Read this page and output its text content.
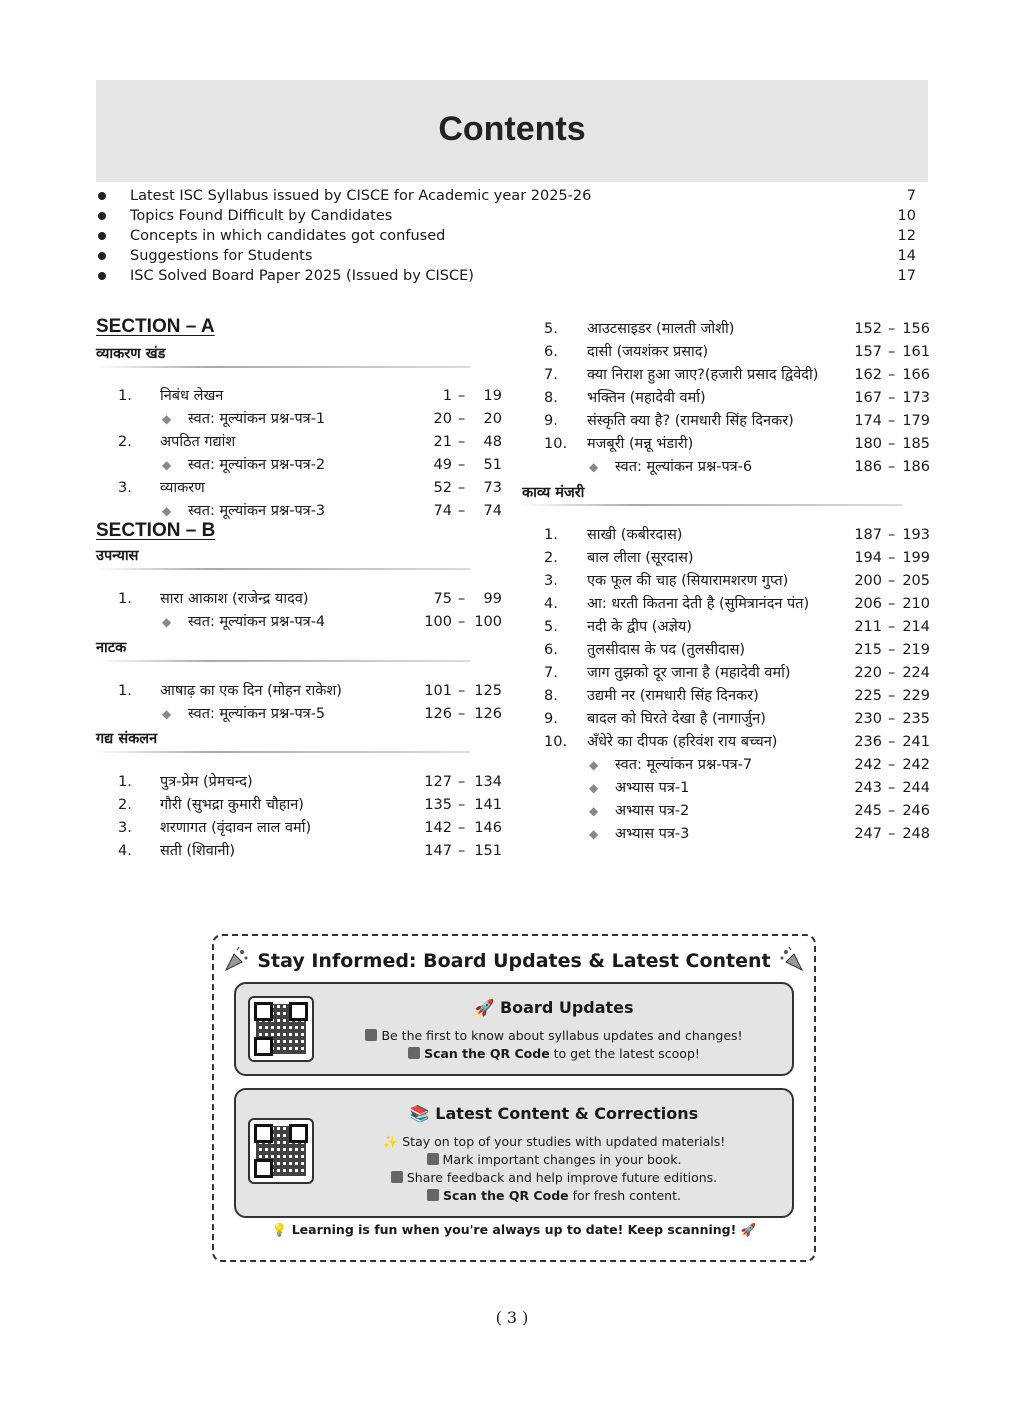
Contents
Latest ISC Syllabus issued by CISCE for Academic year 2025-26	7
Topics Found Difficult by Candidates	10
Concepts in which candidates got confused	12
Suggestions for Students	14
ISC Solved Board Paper 2025 (Issued by CISCE)	17
SECTION – A
व्याकरण खंड
1. निबंध लेखन	1 –	19
◆ स्वत: मूल्यांकन प्रश्न-पत्र-1	20 –	20
2. अपठित गद्यांश	21 –	48
◆ स्वत: मूल्यांकन प्रश्न-पत्र-2	49 –	51
3. व्याकरण	52 –	73
◆ स्वत: मूल्यांकन प्रश्न-पत्र-3	74 –	74
SECTION – B
उपन्यास
1. सारा आकाश (राजेन्द्र यादव)	75 –	99
◆ स्वत: मूल्यांकन प्रश्न-पत्र-4	100 – 100
नाटक
1. आषाढ़ का एक दिन (मोहन राकेश)	101 – 125
◆ स्वत: मूल्यांकन प्रश्न-पत्र-5	126 – 126
गद्य संकलन
1. पुत्र-प्रेम (प्रेमचन्द)	127 – 134
2. गौरी (सुभद्रा कुमारी चौहान)	135 – 141
3. शरणागत (वृंदावन लाल वर्मा)	142 – 146
4. सती (शिवानी)	147 – 151
5. आउटसाइडर (मालती जोशी)	152 – 156
6. दासी (जयशंकर प्रसाद)	157 – 161
7. क्या निराश हुआ जाए?(हजारी प्रसाद द्विवेदी)	162 – 166
8. भक्तिन (महादेवी वर्मा)	167 – 173
9. संस्कृति क्या है? (रामधारी सिंह दिनकर)	174 – 179
10. मजबूरी (मन्नू भंडारी)	180 – 185
◆ स्वत: मूल्यांकन प्रश्न-पत्र-6	186 – 186
काव्य मंजरी
1. साखी (कबीरदास)	187 – 193
2. बाल लीला (सूरदास)	194 – 199
3. एक फूल की चाह (सियारामशरण गुप्त)	200 – 205
4. आ: धरती कितना देती है (सुमित्रानंदन पंत)	206 – 210
5. नदी के द्वीप (अज्ञेय)	211 – 214
6. तुलसीदास के पद (तुलसीदास)	215 – 219
7. जाग तुझको दूर जाना है (महादेवी वर्मा)	220 – 224
8. उद्यमी नर (रामधारी सिंह दिनकर)	225 – 229
9. बादल को घिरते देखा है (नागार्जुन)	230 – 235
10. अँधेरे का दीपक (हरिवंश राय बच्चन)	236 – 241
◆ स्वत: मूल्यांकन प्रश्न-पत्र-7	242 – 242
◆ अभ्यास पत्र-1	243 – 244
◆ अभ्यास पत्र-2	245 – 246
◆ अभ्यास पत्र-3	247 – 248
Stay Informed: Board Updates & Latest Content
🚀 Board Updates
Be the first to know about syllabus updates and changes!
Scan the QR Code to get the latest scoop!
📚 Latest Content & Corrections
✨ Stay on top of your studies with updated materials!
Mark important changes in your book.
Share feedback and help improve future editions.
Scan the QR Code for fresh content.
💡 Learning is fun when you're always up to date! Keep scanning! 🚀
( 3 )
